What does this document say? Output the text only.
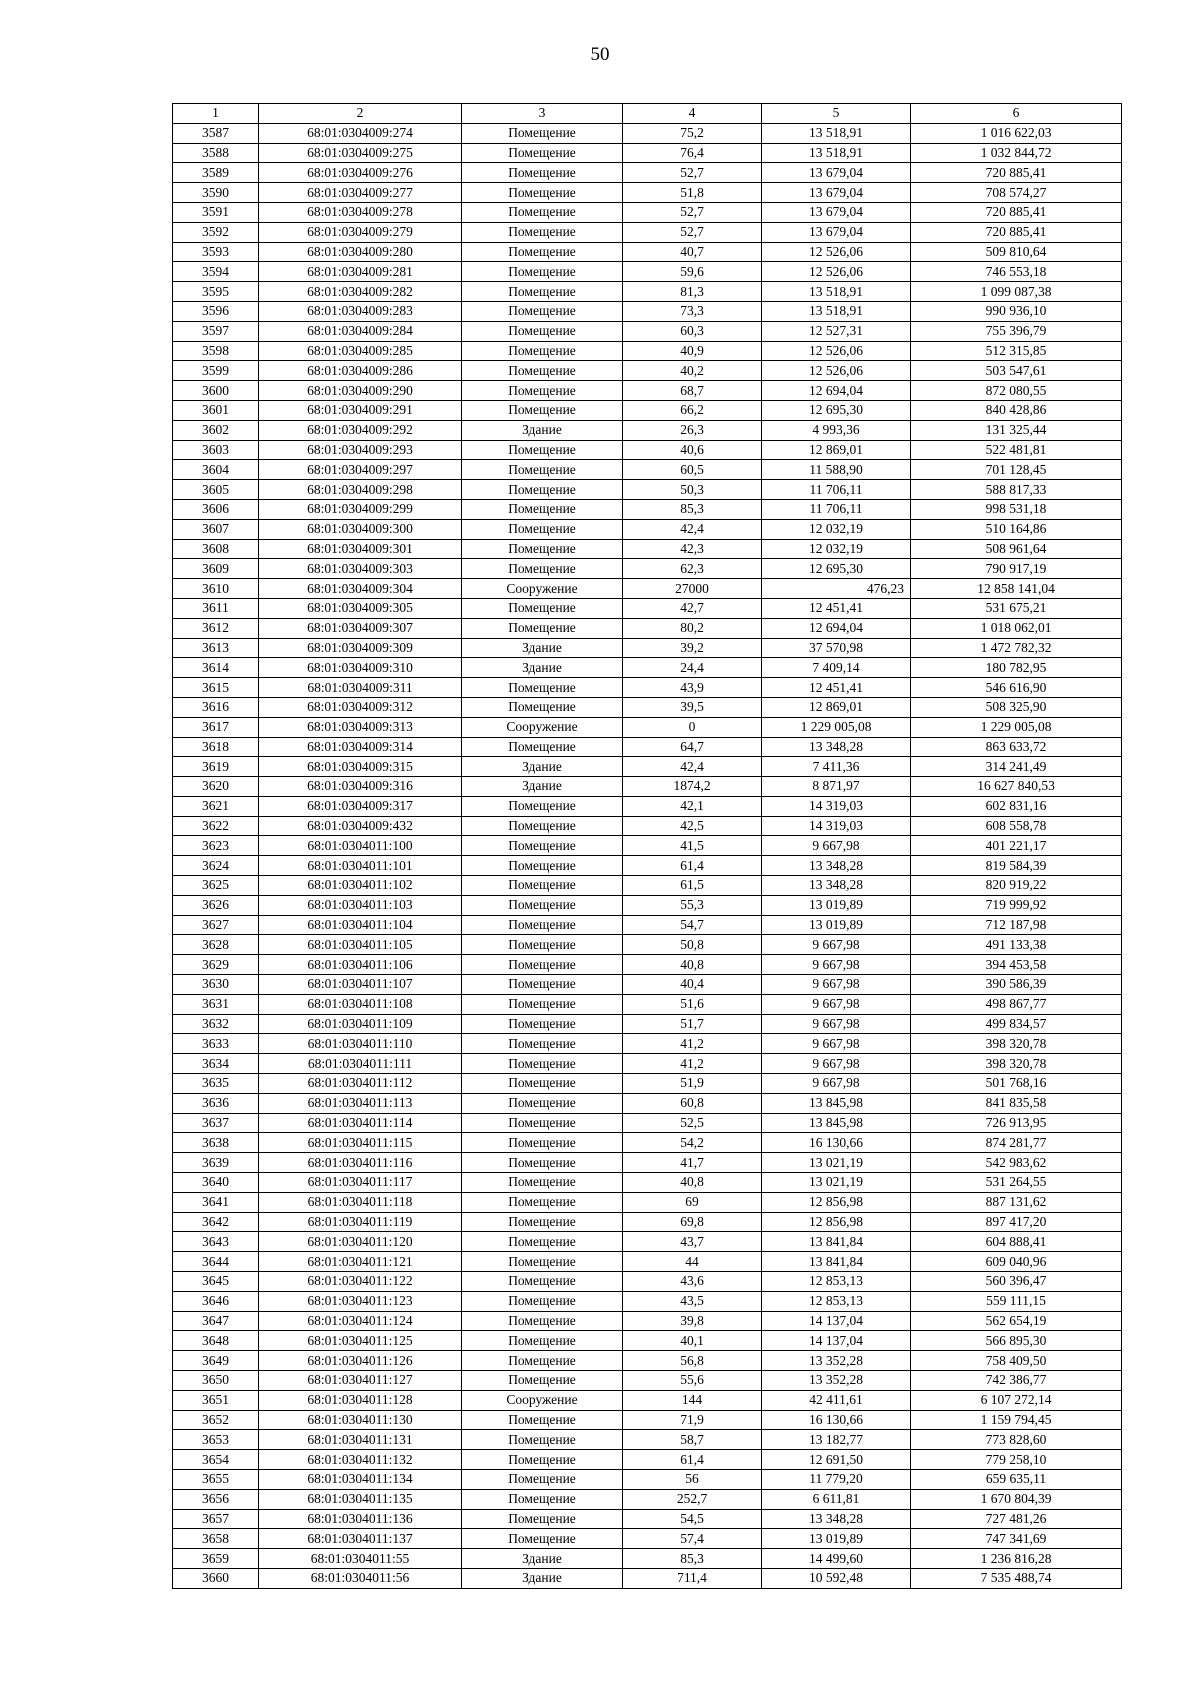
50
1	2	3	4	5	6
3587	68:01:0304009:274	Помещение	75,2	13 518,91	1 016 622,03
3588	68:01:0304009:275	Помещение	76,4	13 518,91	1 032 844,72
3589	68:01:0304009:276	Помещение	52,7	13 679,04	720 885,41
3590	68:01:0304009:277	Помещение	51,8	13 679,04	708 574,27
3591	68:01:0304009:278	Помещение	52,7	13 679,04	720 885,41
3592	68:01:0304009:279	Помещение	52,7	13 679,04	720 885,41
3593	68:01:0304009:280	Помещение	40,7	12 526,06	509 810,64
3594	68:01:0304009:281	Помещение	59,6	12 526,06	746 553,18
3595	68:01:0304009:282	Помещение	81,3	13 518,91	1 099 087,38
3596	68:01:0304009:283	Помещение	73,3	13 518,91	990 936,10
3597	68:01:0304009:284	Помещение	60,3	12 527,31	755 396,79
3598	68:01:0304009:285	Помещение	40,9	12 526,06	512 315,85
3599	68:01:0304009:286	Помещение	40,2	12 526,06	503 547,61
3600	68:01:0304009:290	Помещение	68,7	12 694,04	872 080,55
3601	68:01:0304009:291	Помещение	66,2	12 695,30	840 428,86
3602	68:01:0304009:292	Здание	26,3	4 993,36	131 325,44
3603	68:01:0304009:293	Помещение	40,6	12 869,01	522 481,81
3604	68:01:0304009:297	Помещение	60,5	11 588,90	701 128,45
3605	68:01:0304009:298	Помещение	50,3	11 706,11	588 817,33
3606	68:01:0304009:299	Помещение	85,3	11 706,11	998 531,18
3607	68:01:0304009:300	Помещение	42,4	12 032,19	510 164,86
3608	68:01:0304009:301	Помещение	42,3	12 032,19	508 961,64
3609	68:01:0304009:303	Помещение	62,3	12 695,30	790 917,19
3610	68:01:0304009:304	Сооружение	27000	476,23	12 858 141,04
3611	68:01:0304009:305	Помещение	42,7	12 451,41	531 675,21
3612	68:01:0304009:307	Помещение	80,2	12 694,04	1 018 062,01
3613	68:01:0304009:309	Здание	39,2	37 570,98	1 472 782,32
3614	68:01:0304009:310	Здание	24,4	7 409,14	180 782,95
3615	68:01:0304009:311	Помещение	43,9	12 451,41	546 616,90
3616	68:01:0304009:312	Помещение	39,5	12 869,01	508 325,90
3617	68:01:0304009:313	Сооружение	0	1 229 005,08	1 229 005,08
3618	68:01:0304009:314	Помещение	64,7	13 348,28	863 633,72
3619	68:01:0304009:315	Здание	42,4	7 411,36	314 241,49
3620	68:01:0304009:316	Здание	1874,2	8 871,97	16 627 840,53
3621	68:01:0304009:317	Помещение	42,1	14 319,03	602 831,16
3622	68:01:0304009:432	Помещение	42,5	14 319,03	608 558,78
3623	68:01:0304011:100	Помещение	41,5	9 667,98	401 221,17
3624	68:01:0304011:101	Помещение	61,4	13 348,28	819 584,39
3625	68:01:0304011:102	Помещение	61,5	13 348,28	820 919,22
3626	68:01:0304011:103	Помещение	55,3	13 019,89	719 999,92
3627	68:01:0304011:104	Помещение	54,7	13 019,89	712 187,98
3628	68:01:0304011:105	Помещение	50,8	9 667,98	491 133,38
3629	68:01:0304011:106	Помещение	40,8	9 667,98	394 453,58
3630	68:01:0304011:107	Помещение	40,4	9 667,98	390 586,39
3631	68:01:0304011:108	Помещение	51,6	9 667,98	498 867,77
3632	68:01:0304011:109	Помещение	51,7	9 667,98	499 834,57
3633	68:01:0304011:110	Помещение	41,2	9 667,98	398 320,78
3634	68:01:0304011:111	Помещение	41,2	9 667,98	398 320,78
3635	68:01:0304011:112	Помещение	51,9	9 667,98	501 768,16
3636	68:01:0304011:113	Помещение	60,8	13 845,98	841 835,58
3637	68:01:0304011:114	Помещение	52,5	13 845,98	726 913,95
3638	68:01:0304011:115	Помещение	54,2	16 130,66	874 281,77
3639	68:01:0304011:116	Помещение	41,7	13 021,19	542 983,62
3640	68:01:0304011:117	Помещение	40,8	13 021,19	531 264,55
3641	68:01:0304011:118	Помещение	69	12 856,98	887 131,62
3642	68:01:0304011:119	Помещение	69,8	12 856,98	897 417,20
3643	68:01:0304011:120	Помещение	43,7	13 841,84	604 888,41
3644	68:01:0304011:121	Помещение	44	13 841,84	609 040,96
3645	68:01:0304011:122	Помещение	43,6	12 853,13	560 396,47
3646	68:01:0304011:123	Помещение	43,5	12 853,13	559 111,15
3647	68:01:0304011:124	Помещение	39,8	14 137,04	562 654,19
3648	68:01:0304011:125	Помещение	40,1	14 137,04	566 895,30
3649	68:01:0304011:126	Помещение	56,8	13 352,28	758 409,50
3650	68:01:0304011:127	Помещение	55,6	13 352,28	742 386,77
3651	68:01:0304011:128	Сооружение	144	42 411,61	6 107 272,14
3652	68:01:0304011:130	Помещение	71,9	16 130,66	1 159 794,45
3653	68:01:0304011:131	Помещение	58,7	13 182,77	773 828,60
3654	68:01:0304011:132	Помещение	61,4	12 691,50	779 258,10
3655	68:01:0304011:134	Помещение	56	11 779,20	659 635,11
3656	68:01:0304011:135	Помещение	252,7	6 611,81	1 670 804,39
3657	68:01:0304011:136	Помещение	54,5	13 348,28	727 481,26
3658	68:01:0304011:137	Помещение	57,4	13 019,89	747 341,69
3659	68:01:0304011:55	Здание	85,3	14 499,60	1 236 816,28
3660	68:01:0304011:56	Здание	711,4	10 592,48	7 535 488,74
